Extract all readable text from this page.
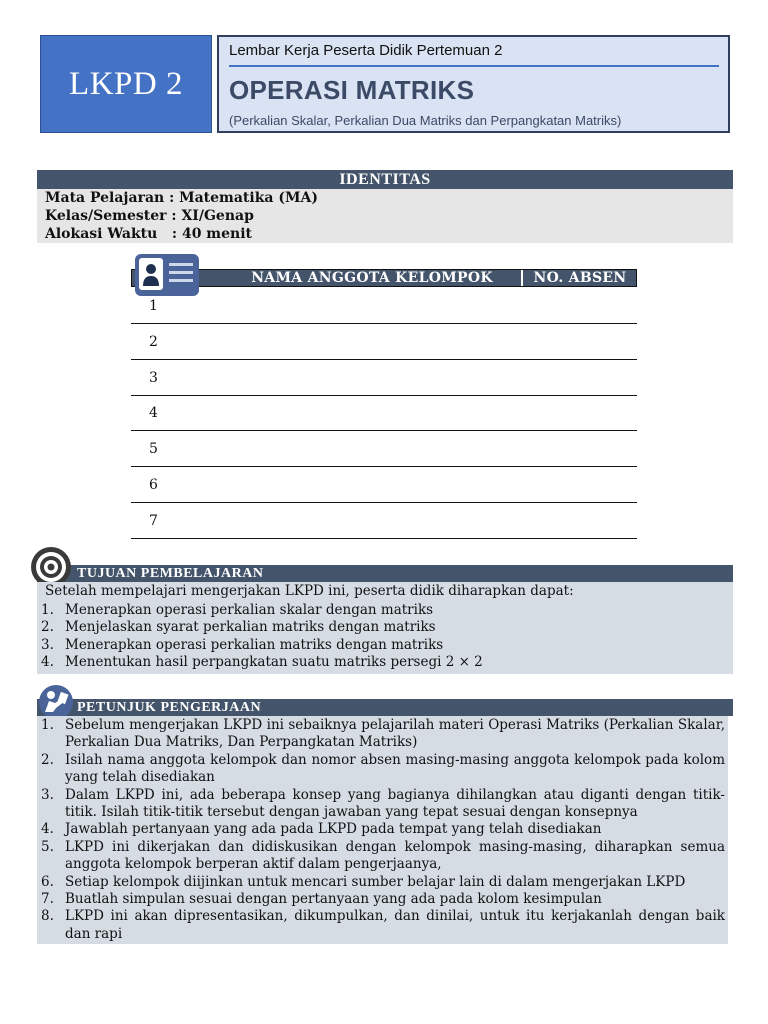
LKPD 2
Lembar Kerja Peserta Didik Pertemuan 2
OPERASI MATRIKS
(Perkalian Skalar, Perkalian Dua Matriks dan Perpangkatan Matriks)
IDENTITAS
Mata Pelajaran : Matematika (MA)
Kelas/Semester : XI/Genap
Alokasi Waktu   : 40 menit
NAMA ANGGOTA KELOMPOK	NO. ABSEN
1
2
3
4
5
6
7
TUJUAN PEMBELAJARAN
Setelah mempelajari mengerjakan LKPD ini, peserta didik diharapkan dapat:
1. Menerapkan operasi perkalian skalar dengan matriks
2. Menjelaskan syarat perkalian matriks dengan matriks
3. Menerapkan operasi perkalian matriks dengan matriks
4. Menentukan hasil perpangkatan suatu matriks persegi 2 × 2
PETUNJUK PENGERJAAN
1. Sebelum mengerjakan LKPD ini sebaiknya pelajarilah materi Operasi Matriks (Perkalian Skalar, Perkalian Dua Matriks, Dan Perpangkatan Matriks)
2. Isilah nama anggota kelompok dan nomor absen masing-masing anggota kelompok pada kolom yang telah disediakan
3. Dalam LKPD ini, ada beberapa konsep yang bagianya dihilangkan atau diganti dengan titik-titik. Isilah titik-titik tersebut dengan jawaban yang tepat sesuai dengan konsepnya
4. Jawablah pertanyaan yang ada pada LKPD pada tempat yang telah disediakan
5. LKPD ini dikerjakan dan didiskusikan dengan kelompok masing-masing, diharapkan semua anggota kelompok berperan aktif dalam pengerjaanya,
6. Setiap kelompok diijinkan untuk mencari sumber belajar lain di dalam mengerjakan LKPD
7. Buatlah simpulan sesuai dengan pertanyaan yang ada pada kolom kesimpulan
8. LKPD ini akan dipresentasikan, dikumpulkan, dan dinilai, untuk itu kerjakanlah dengan baik dan rapi
